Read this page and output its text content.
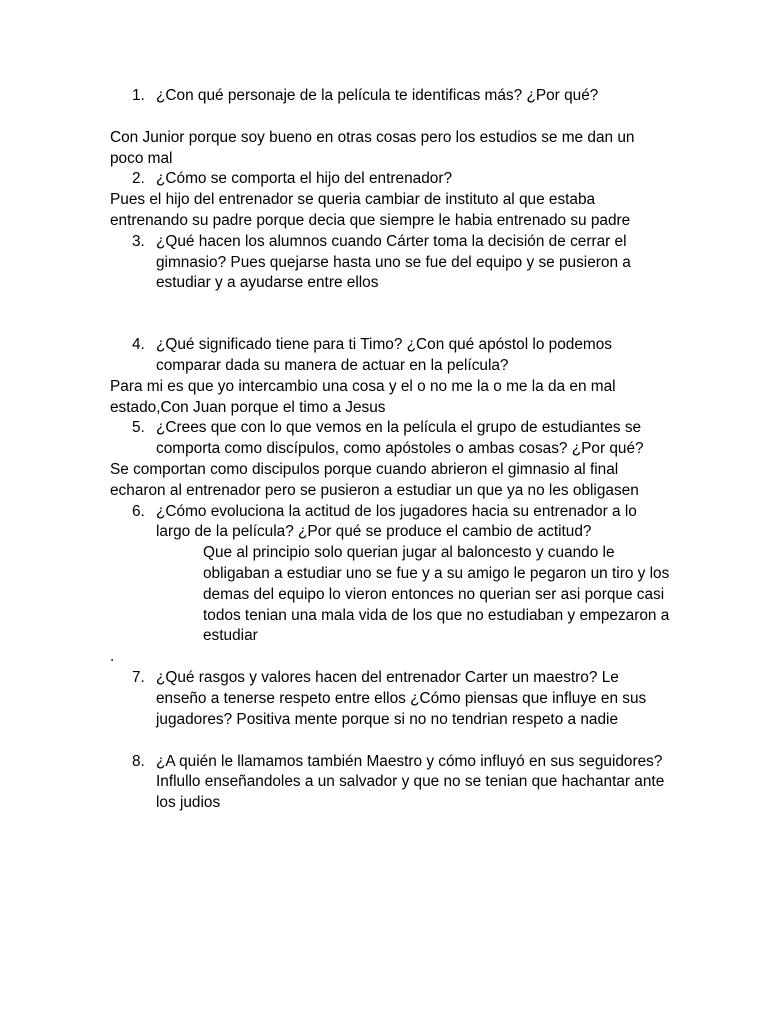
1. ¿Con qué personaje de la película te identificas más? ¿Por qué?
Con Junior porque soy bueno en otras cosas pero los estudios se me dan un poco mal
2. ¿Cómo se comporta el hijo del entrenador?
Pues el hijo del entrenador se queria cambiar de instituto al que estaba entrenando su padre porque decia que siempre le habia entrenado su padre
3. ¿Qué hacen los alumnos cuando Cárter toma la decisión de cerrar el gimnasio? Pues quejarse hasta uno se fue del equipo y se pusieron a estudiar y a ayudarse entre ellos
4. ¿Qué significado tiene para ti Timo? ¿Con qué apóstol lo podemos comparar dada su manera de actuar en la película?
Para mi es que yo intercambio una cosa y el o no me la o me la da en mal estado,Con Juan porque el timo a Jesus
5. ¿Crees que con lo que vemos en la película el grupo de estudiantes se comporta como discípulos, como apóstoles o ambas cosas? ¿Por qué?
Se comportan como discipulos porque cuando abrieron el gimnasio al final echaron al entrenador pero se pusieron a estudiar un que ya no les obligasen
6. ¿Cómo evoluciona la actitud de los jugadores hacia su entrenador a lo largo de la película? ¿Por qué se produce el cambio de actitud?
Que al principio solo querian jugar al baloncesto y cuando le obligaban a estudiar uno se fue y a su amigo le pegaron un tiro y los demas del equipo lo vieron entonces no querian ser asi porque casi todos tenian una mala vida de los que no estudiaban y empezaron a estudiar
.
7. ¿Qué rasgos y valores hacen del entrenador Carter un maestro? Le enseño a tenerse respeto entre ellos ¿Cómo piensas que influye en sus jugadores? Positiva mente porque si no no tendrian respeto a nadie
8. ¿A quién le llamamos también Maestro y cómo influyó en sus seguidores? Influllo enseñandoles a un salvador y que no se tenian que hachantar ante los judios
